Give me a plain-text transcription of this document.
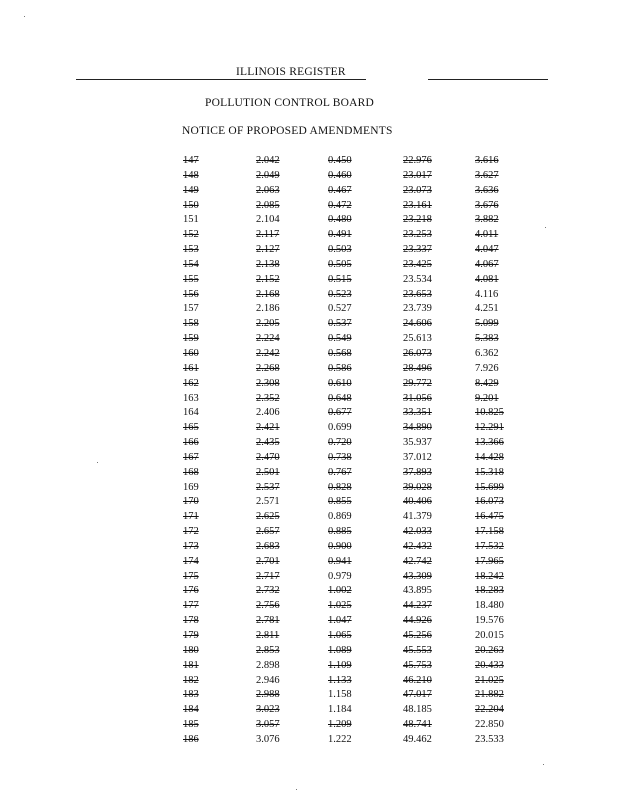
ILLINOIS REGISTER
POLLUTION CONTROL BOARD
NOTICE OF PROPOSED AMENDMENTS
147	2.042	0.450	22.976	3.616
148	2.049	0.460	23.017	3.627
149	2.063	0.467	23.073	3.636
150	2.085	0.472	23.161	3.676
151	2.104	0.480	23.218	3.882
152	2.117	0.491	23.253	4.011
153	2.127	0.503	23.337	4.047
154	2.138	0.505	23.425	4.067
155	2.152	0.515	23.534	4.081
156	2.168	0.523	23.653	4.116
157	2.186	0.527	23.739	4.251
158	2.205	0.537	24.606	5.099
159	2.224	0.549	25.613	5.383
160	2.242	0.568	26.073	6.362
161	2.268	0.586	28.496	7.926
162	2.308	0.610	29.772	8.429
163	2.352	0.648	31.056	9.201
164	2.406	0.677	33.351	10.825
165	2.421	0.699	34.890	12.291
166	2.435	0.720	35.937	13.366
167	2.470	0.738	37.012	14.428
168	2.501	0.767	37.893	15.318
169	2.537	0.828	39.028	15.699
170	2.571	0.855	40.406	16.073
171	2.625	0.869	41.379	16.475
172	2.657	0.885	42.033	17.158
173	2.683	0.900	42.432	17.532
174	2.701	0.941	42.742	17.965
175	2.717	0.979	43.309	18.242
176	2.732	1.002	43.895	18.283
177	2.756	1.025	44.237	18.480
178	2.781	1.047	44.926	19.576
179	2.811	1.065	45.256	20.015
180	2.853	1.089	45.553	20.263
181	2.898	1.109	45.753	20.433
182	2.946	1.133	46.210	21.025
183	2.988	1.158	47.017	21.882
184	3.023	1.184	48.185	22.204
185	3.057	1.209	48.741	22.850
186	3.076	1.222	49.462	23.533
